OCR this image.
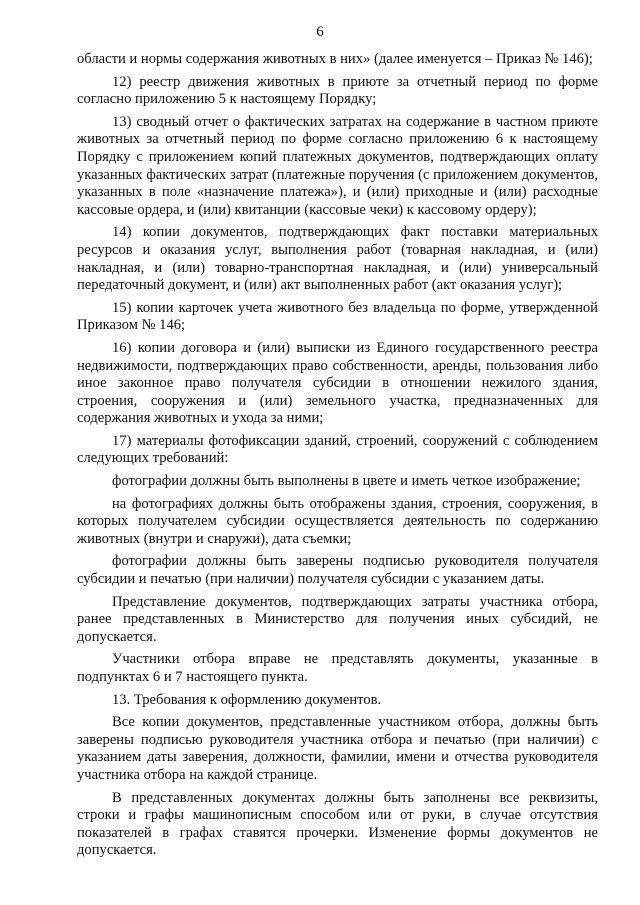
6

области и нормы содержания животных в них» (далее именуется – Приказ № 146);

12) реестр движения животных в приюте за отчетный период по форме согласно приложению 5 к настоящему Порядку;

13) сводный отчет о фактических затратах на содержание в частном приюте животных за отчетный период по форме согласно приложению 6 к настоящему Порядку с приложением копий платежных документов, подтверждающих оплату указанных фактических затрат (платежные поручения (с приложением документов, указанных в поле «назначение платежа»), и (или) приходные и (или) расходные кассовые ордера, и (или) квитанции (кассовые чеки) к кассовому ордеру);

14) копии документов, подтверждающих факт поставки материальных ресурсов и оказания услуг, выполнения работ (товарная накладная, и (или) накладная, и (или) товарно-транспортная накладная, и (или) универсальный передаточный документ, и (или) акт выполненных работ (акт оказания услуг);

15) копии карточек учета животного без владельца по форме, утвержденной Приказом № 146;

16) копии договора и (или) выписки из Единого государственного реестра недвижимости, подтверждающих право собственности, аренды, пользования либо иное законное право получателя субсидии в отношении нежилого здания, строения, сооружения и (или) земельного участка, предназначенных для содержания животных и ухода за ними;

17) материалы фотофиксации зданий, строений, сооружений с соблюдением следующих требований:

фотографии должны быть выполнены в цвете и иметь четкое изображение;

на фотографиях должны быть отображены здания, строения, сооружения, в которых получателем субсидии осуществляется деятельность по содержанию животных (внутри и снаружи), дата съемки;

фотографии должны быть заверены подписью руководителя получателя субсидии и печатью (при наличии) получателя субсидии с указанием даты.

Представление документов, подтверждающих затраты участника отбора, ранее представленных в Министерство для получения иных субсидий, не допускается.

Участники отбора вправе не представлять документы, указанные в подпунктах 6 и 7 настоящего пункта.

13. Требования к оформлению документов.

Все копии документов, представленные участником отбора, должны быть заверены подписью руководителя участника отбора и печатью (при наличии) с указанием даты заверения, должности, фамилии, имени и отчества руководителя участника отбора на каждой странице.

В представленных документах должны быть заполнены все реквизиты, строки и графы машинописным способом или от руки, в случае отсутствия показателей в графах ставятся прочерки. Изменение формы документов не допускается.
